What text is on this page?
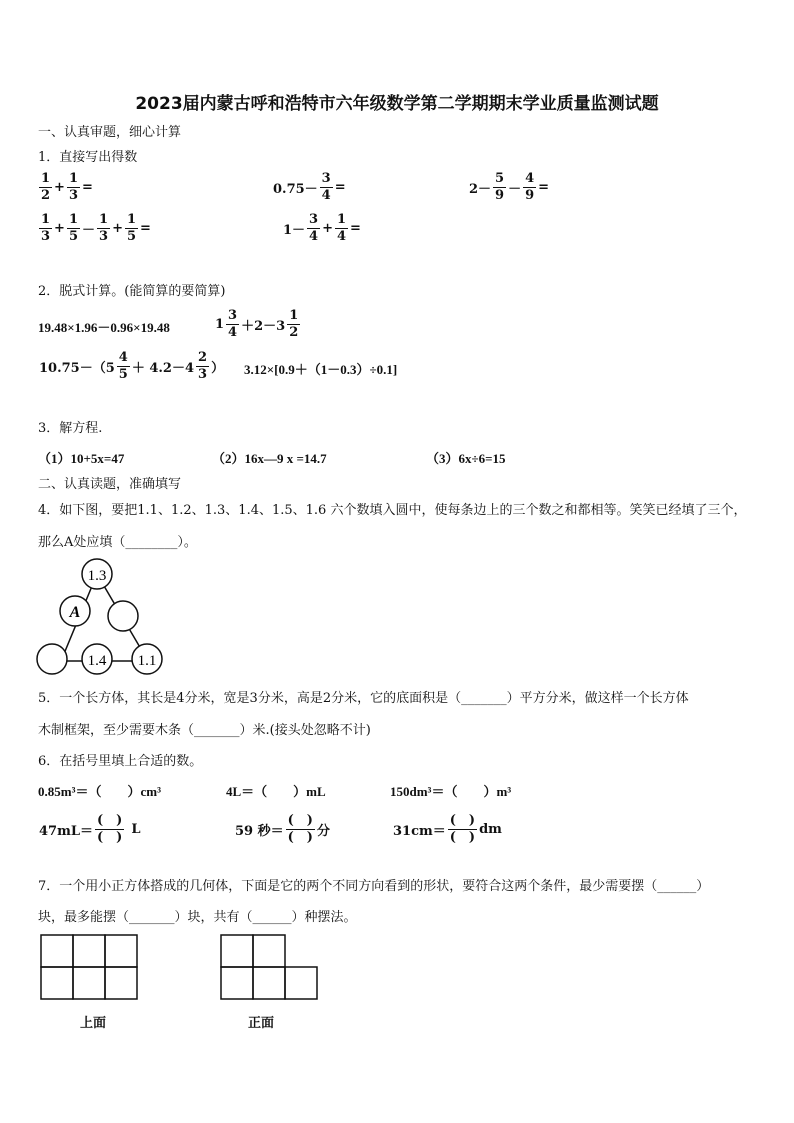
2023届内蒙古呼和浩特市六年级数学第二学期期末学业质量监测试题
一、认真审题，细心计算
1．直接写出得数
$\frac{1}{2} + \frac{1}{3}$ =	$0.75- \frac{3}{4}$ =	$2- \frac{5}{9} - \frac{4}{9}$ =
$\frac{1}{3} + \frac{1}{5} - \frac{1}{3} + \frac{1}{5}$ =	$1- \frac{3}{4} + \frac{1}{4}$ =
2．脱式计算。(能简算的要简算)
19.48×1.96－0.96×19.48	$1 \frac{3}{4} +2-3 \frac{1}{2}$
$10.75-(5 \frac{4}{5} + 4.2-4 \frac{2}{3}$ ） 3.12×[0.9＋（1－0.3）÷0.1]
3．解方程.
（1）10+5x=47	（2）16x—9 x =14.7	（3）6x÷6=15
二、认真读题，准确填写
4．如下图，要把1.1、1.2、1.3、1.4、1.5、1.6 六个数填入圆中，使每条边上的三个数之和都相等。笑笑已经填了三个，
那么A处应填（________）。
1.3
A
1.4 1.1
5．一个长方体，其长是4分米，宽是3分米，高是2分米，它的底面积是（_______）平方分米，做这样一个长方体
木制框架，至少需要木条（_______）米.(接头处忽略不计)
6．在括号里填上合适的数。
0.85m³＝（　　）cm³	4L＝（　　）mL	150dm³＝（　　）m³
$47mL= \frac{( )}{( )}$ L	59 秒＝ $\frac{( )}{( )}$ 分	$31cm= \frac{( )}{( )}$ dm
7．一个用小正方体搭成的几何体，下面是它的两个不同方向看到的形状，要符合这两个条件，最少需要摆（______）
块，最多能摆（_______）块，共有（______）种摆法。
上面	正面
